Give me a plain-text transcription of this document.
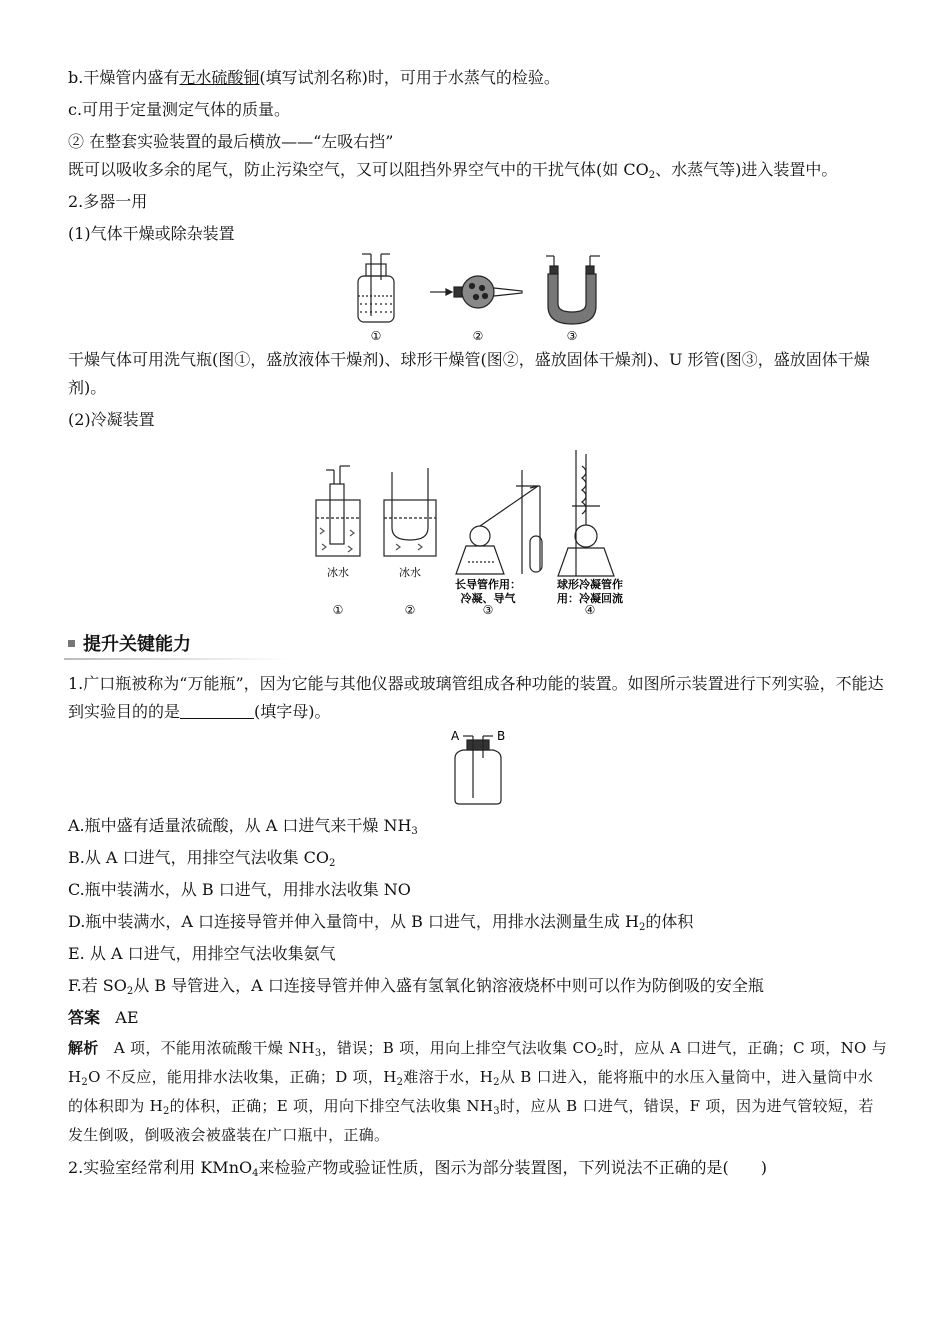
b.干燥管内盛有无水硫酸铜(填写试剂名称)时，可用于水蒸气的检验。

c.可用于定量测定气体的质量。

② 在整套实验装置的最后横放——“左吸右挡”

既可以吸收多余的尾气，防止污染空气，又可以阻挡外界空气中的干扰气体(如 $CO_2$、水蒸气等)进入装置中。

2.多器一用

(1)气体干燥或除杂装置

①	②	③

干燥气体可用洗气瓶(图①，盛放液体干燥剂)、球形干燥管(图②，盛放固体干燥剂)、U 形管(图③，盛放固体干燥剂)。

(2)冷凝装置

冰水	冰水
长导管作用：
冷凝、导气
球形冷凝管作
用：冷凝回流
①	②	③	④
提升关键能力

1.广口瓶被称为“万能瓶”，因为它能与其他仪器或玻璃管组成各种功能的装置。如图所示装置进行下列实验，不能达到实验目的的是	(填字母)。

A	B

A.瓶中盛有适量浓硫酸，从 A 口进气来干燥 $NH_3$

B.从 A 口进气，用排空气法收集 $CO_2$

C.瓶中装满水，从 B 口进气，用排水法收集 NO

D.瓶中装满水，A 口连接导管并伸入量筒中，从 B 口进气，用排水法测量生成 $H_2$的体积

E. 从 A 口进气，用排空气法收集氨气

F.若 $SO_2$从 B 导管进入，A 口连接导管并伸入盛有氢氧化钠溶液烧杯中则可以作为防倒吸的安全瓶

答案 AE

解析 A 项，不能用浓硫酸干燥 $NH_3$，错误；B 项，用向上排空气法收集 $CO_2$时，应从 A 口进气，正确；C 项，NO 与 $H_2O$ 不反应，能用排水法收集，正确；D 项，$H_2$难溶于水，$H_2$从 B 口进入，能将瓶中的水压入量筒中，进入量筒中水的体积即为 $H_2$的体积，正确；E 项，用向下排空气法收集 $NH_3$时，应从 B 口进气，错误，F 项，因为进气管较短，若发生倒吸，倒吸液会被盛装在广口瓶中，正确。

2.实验室经常利用 KMnO$_4$来检验产物或验证性质，图示为部分装置图，下列说法不正确的是(　　)
